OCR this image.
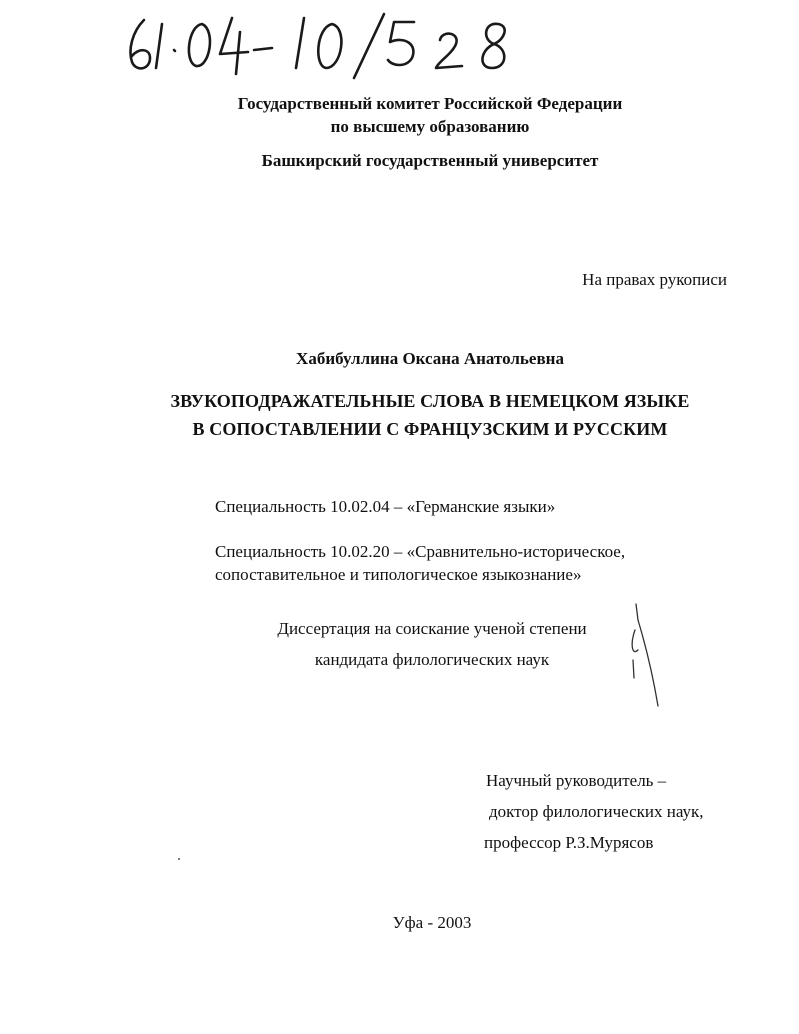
Государственный комитет Российской Федерации
по высшему образованию
Башкирский государственный университет
На правах рукописи
Хабибуллина Оксана Анатольевна
ЗВУКОПОДРАЖАТЕЛЬНЫЕ СЛОВА В НЕМЕЦКОМ ЯЗЫКЕ
В СОПОСТАВЛЕНИИ С ФРАНЦУЗСКИМ И РУССКИМ
Специальность 10.02.04 – «Германские языки»
Специальность 10.02.20 – «Сравнительно-историческое,
сопоставительное и типологическое языкознание»
Диссертация на соискание ученой степени
кандидата филологических наук
Научный руководитель –
доктор филологических наук,
профессор Р.З.Мурясов
Уфа - 2003
